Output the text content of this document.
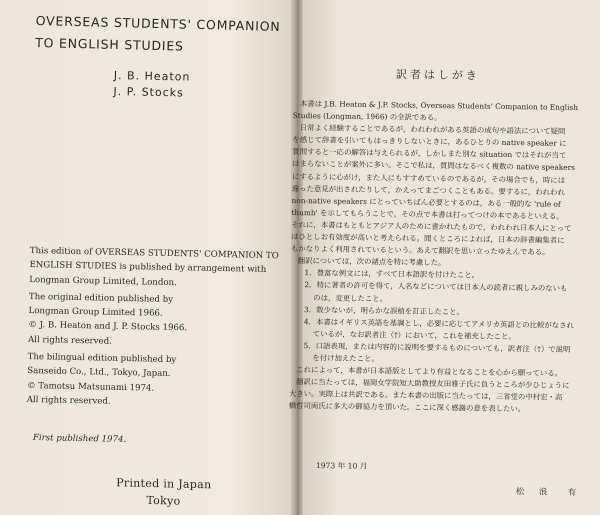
OVERSEAS STUDENTS' COMPANION
TO ENGLISH STUDIES
J. B. Heaton
J. P. Stocks
This edition of OVERSEAS STUDENTS' COMPANION TO
ENGLISH STUDIES is published by arrangement with
Longman Group Limited, London.
The original edition published by
Longman Group Limited 1966.
© J. B. Heaton and J. P. Stocks 1966.
All rights reserved.
The bilingual edition published by
Sanseido Co., Ltd., Tokyo, Japan.
© Tamotsu Matsunami 1974.
All rights reserved.
First published 1974.
Printed in Japan
Tokyo
訳者はしがき

本書は J.B. Heaton & J.P. Stocks, Overseas Students' Companion to English

Studies (Longman, 1966) の全訳である。

日常よく経験することであるが，われわれがある英語の成句や語法について疑問

を感じて辞書を引いてもはっきりしないときに，あるひとりの native speaker に

質問すると一応の解答は与えられるが，しかしまた別な situation ではそれが当て

はまらないことが案外に多い。そこで私は，質問はなるべく複数の native speakers

にするように心がけ，また人にもすすめているのであるが，その場合でも，時には

違った意見が出されたりして，かえってまごつくこともある。要するに，われわれ

non-native speakers にとっていちばん必要とするのは，ある一般的な 'rule of

thumb' を示してもらうことで，その点で本書は打ってつけの本であるといえる。

それに，本書はもともとアジア人のために書かれたもので，われわれ日本人にとって

はひとしお有効度が高いと考えられる。聞くところによれば，日本の辞書編集者に

もかなりよく利用されているという。あえて翻訳を思い立ったゆえんである。

翻訳については，次の諸点を特に考慮した。

1．豊富な例文には，すべて日本語訳を付けたこと。

2．特に著者の許可を得て，人名などについては日本人の読者に親しみのないも

のは，変更したこと。

3．数少ないが，明らかな誤植を訂正したこと。

4．本書はイギリス英語を基調とし，必要に応じてアメリカ英語との比較がなされ

ているが，なお訳者注（†）において，これを補充したこと。

5．口語表現，または内容的に説明を要するものについても，訳者注（†）で説明

を付け加えたこと。

これによって，本書が日本語版としてより有益となることを心から願っている。

翻訳に当たっては，福岡女学院短大助教授友田雅子氏に負うところが少ひじょうに

大きい。実際上は共訳である。また本書の出版に当たっては，三省堂の中村宏・高

橋哲司両氏に多大の御協力を頂いた。ここに深く感謝の意を表したい。

1973 年 10 月
松 浪　有
